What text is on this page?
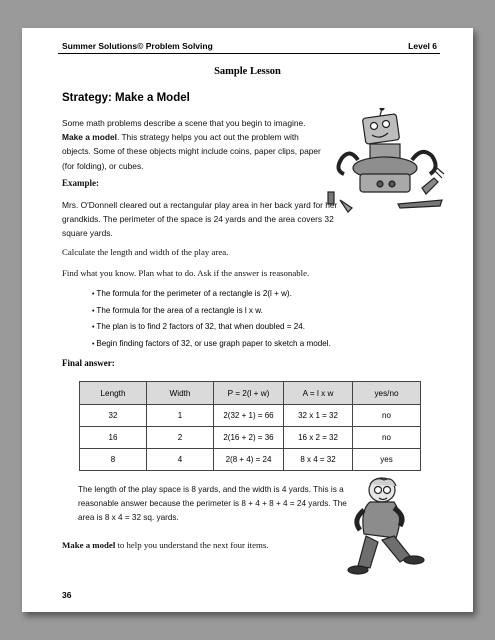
Summer Solutions© Problem Solving	Level 6
Sample Lesson
Strategy: Make a Model
Some math problems describe a scene that you begin to imagine. Make a model. This strategy helps you act out the problem with objects. Some of these objects might include coins, paper clips, paper (for folding), or cubes.
Example:
Mrs. O'Donnell cleared out a rectangular play area in her back yard for her grandkids. The perimeter of the space is 24 yards and the area covers 32 square yards.
Calculate the length and width of the play area.
Find what you know. Plan what to do. Ask if the answer is reasonable.
• The formula for the perimeter of a rectangle is 2(l + w).
• The formula for the area of a rectangle is l x w.
• The plan is to find 2 factors of 32, that when doubled = 24.
• Begin finding factors of 32, or use graph paper to sketch a model.
Final answer:
Length	Width	P = 2(l + w)	A = l x w	yes/no
32	1	2(32 + 1) = 66	32 x 1 = 32	no
16	2	2(16 + 2) = 36	16 x 2 = 32	no
8	4	2(8 + 4) = 24	8 x 4 = 32	yes
The length of the play space is 8 yards, and the width is 4 yards. This is a reasonable answer because the perimeter is 8 + 4 + 8 + 4 = 24 yards. The area is 8 x 4 = 32 sq. yards.
Make a model to help you understand the next four items.
36
